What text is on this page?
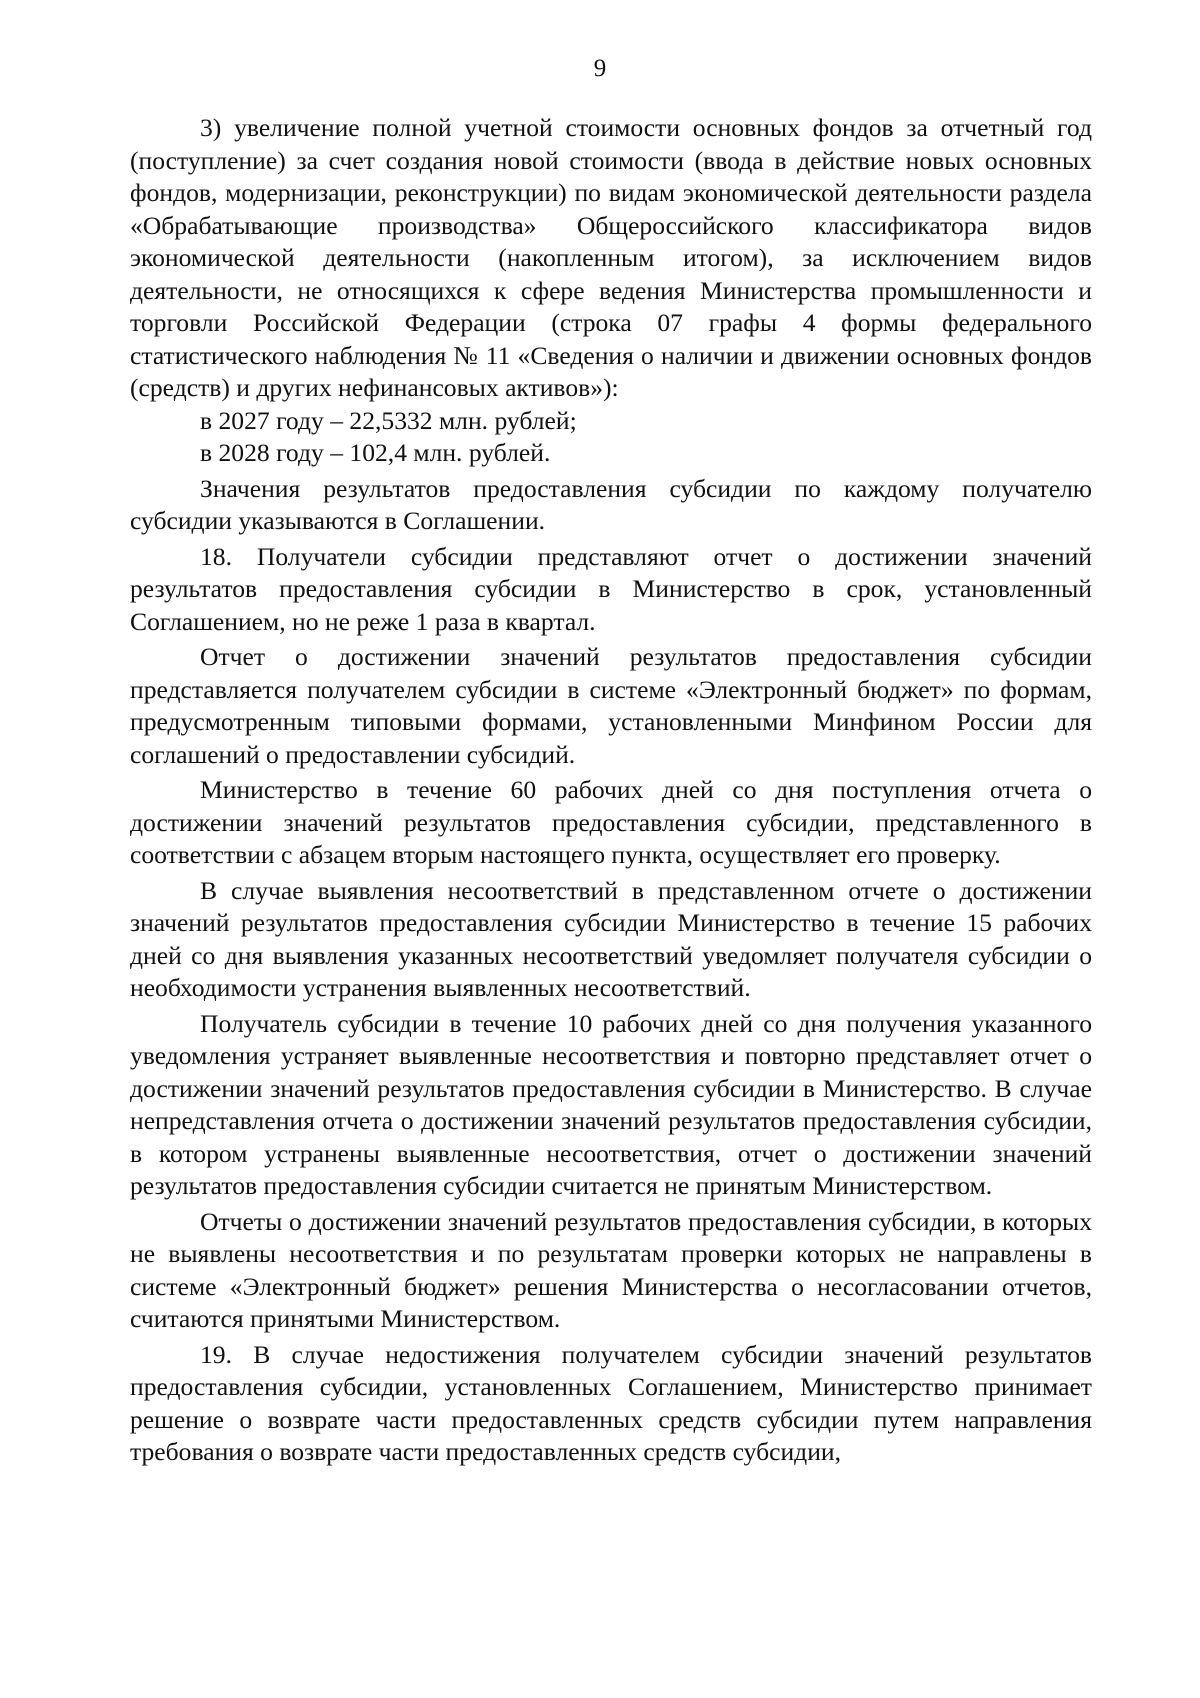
9

3) увеличение полной учетной стоимости основных фондов за отчетный год (поступление) за счет создания новой стоимости (ввода в действие новых основных фондов, модернизации, реконструкции) по видам экономической деятельности раздела «Обрабатывающие производства» Общероссийского классификатора видов экономической деятельности (накопленным итогом), за исключением видов деятельности, не относящихся к сфере ведения Министерства промышленности и торговли Российской Федерации (строка 07 графы 4 формы федерального статистического наблюдения № 11 «Сведения о наличии и движении основных фондов (средств) и других нефинансовых активов»):

в 2027 году – 22,5332 млн. рублей;

в 2028 году – 102,4 млн. рублей.

Значения результатов предоставления субсидии по каждому получателю субсидии указываются в Соглашении.

18. Получатели субсидии представляют отчет о достижении значений результатов предоставления субсидии в Министерство в срок, установленный Соглашением, но не реже 1 раза в квартал.

Отчет о достижении значений результатов предоставления субсидии представляется получателем субсидии в системе «Электронный бюджет» по формам, предусмотренным типовыми формами, установленными Минфином России для соглашений о предоставлении субсидий.

Министерство в течение 60 рабочих дней со дня поступления отчета о достижении значений результатов предоставления субсидии, представленного в соответствии с абзацем вторым настоящего пункта, осуществляет его проверку.

В случае выявления несоответствий в представленном отчете о достижении значений результатов предоставления субсидии Министерство в течение 15 рабочих дней со дня выявления указанных несоответствий уведомляет получателя субсидии о необходимости устранения выявленных несоответствий.

Получатель субсидии в течение 10 рабочих дней со дня получения указанного уведомления устраняет выявленные несоответствия и повторно представляет отчет о достижении значений результатов предоставления субсидии в Министерство. В случае непредставления отчета о достижении значений результатов предоставления субсидии, в котором устранены выявленные несоответствия, отчет о достижении значений результатов предоставления субсидии считается не принятым Министерством.

Отчеты о достижении значений результатов предоставления субсидии, в которых не выявлены несоответствия и по результатам проверки которых не направлены в системе «Электронный бюджет» решения Министерства о несогласовании отчетов, считаются принятыми Министерством.

19. В случае недостижения получателем субсидии значений результатов предоставления субсидии, установленных Соглашением, Министерство принимает решение о возврате части предоставленных средств субсидии путем направления требования о возврате части предоставленных средств субсидии,
